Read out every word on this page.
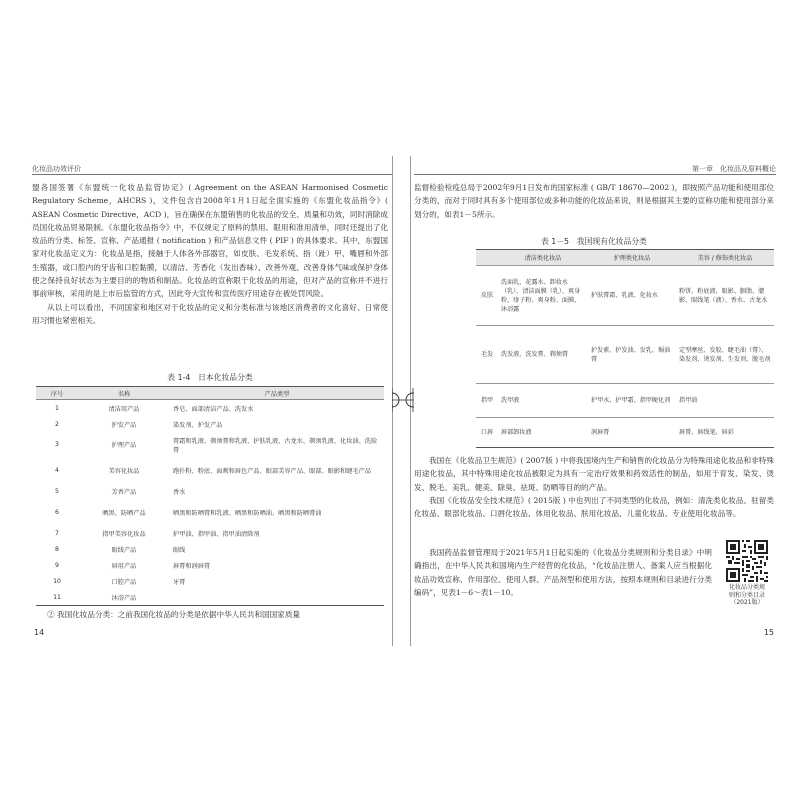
化妆品功效评价

盟各国签署《东盟统一化妆品监管协定》( Agreement on the ASEAN Harmonised Cosmetic Regulatory Scheme，AHCRS )，文件包含自2008年1月1日起全面实施的《东盟化妆品指令》( ASEAN Cosmetic Directive，ACD )，旨在确保在东盟销售的化妆品的安全、质量和功效，同时消除成员国化妆品贸易限制。《东盟化妆品指令》中，不仅规定了原料的禁用、限用和准用清单，同时还提出了化妆品的分类、标签、宣称、产品通报 ( notification ) 和产品信息文件 ( PIF ) 的具体要求。其中，东盟国家对化妆品定义为：化妆品是指，接触于人体各外部器官，如皮肤、毛发系统、指（趾）甲、嘴唇和外部生殖器，或口腔内的牙齿和口腔黏膜，以清洁、芳香化（发出香味）、改善外观、改善身体气味或保护身体使之保持良好状态为主要目的的物质和制品。化妆品的宣称限于化妆品的用途，但对产品的宣称并不进行事前审核，采用的是上市后监管的方式，因此夸大宣传和宣传医疗用途存在被处罚风险。

从以上可以看出，不同国家和地区对于化妆品的定义和分类标准与该地区消费者的文化喜好、日常使用习惯也紧密相关。

表 1-4　日本化妆品分类
序号	名称	产品类型
1	清洁用产品	香皂、面部清洁产品、洗发水
2	护发产品	染发剂、护发产品
3	护理产品	膏霜和乳液、剃须膏和乳液、护肤乳液、古龙水、剃须乳液、化妆油、洗脸膏
4	美容化妆品	跑扑粉、粉底、面颊和唇色产品、眼部美容产品、眼部、眼影和睫毛产品
5	芳香产品	香水
6	晒黑、防晒产品	晒黑和防晒膏和乳液、晒黑和防晒油、晒黑和防晒膏油
7	指甲美容化妆品	护甲油、指甲油、指甲油清除剂
8	眼线产品	眼线
9	唇用产品	唇膏和润唇膏
10	口腔产品	牙膏
11	沐浴产品	

② 我国化妆品分类：之前我国化妆品的分类是依据中华人民共和国国家质量

14
第一章　化妆品及原料概论

监督检验检疫总局于2002年9月1日发布的国家标准 ( GB/T 18670—2002 )，即按照产品功能和使用部位分类的，而对于同时具有多个使用部位或多种功能的化妆品来说，则是根据其主要的宣称功能和使用部分来划分的，如表1－5所示。

表 1－5　我国现有化妆品分类
	清洁类化妆品	护理类化妆品	美容 / 修饰类化妆品
皮肤	洗面乳、花露水、卸妆水（乳）、清洁面膜（乳）、爽身粉、痱子粉、爽身粉、面膜、沐浴露	护肤膏霜、乳液、化妆水	粉饼、粉底液、眼影、胭脂、腮影、眼线笔（液）、香水、古龙水
毛发	洗发液、洗发膏、剃须膏	护发素、护发油、发乳、焗油膏	定型摩丝、发胶、睫毛油（膏）、染发剂、烫发剂、生发剂、脱毛剂
指甲	洗甲液	护甲水、护甲霜、指甲硬化剂	指甲油
口唇	唇部卸妆液	润唇膏	唇膏、唇线笔、唇彩

我国在《化妆品卫生规范》( 2007版 ) 中将我国境内生产和销售的化妆品分为特殊用途化妆品和非特殊用途化妆品，其中特殊用途化妆品被限定为具有一定治疗效果和药效活性的制品，如用于育发、染发、烫发、脱毛、美乳、健美、除臭、祛斑、防晒等目的的产品。

我国《化妆品安全技术规范》( 2015版 ) 中也列出了不同类型的化妆品，例如：清洗类化妆品、驻留类化妆品、眼部化妆品、口唇化妆品、体用化妆品、肤用化妆品、儿童化妆品、专业使用化妆品等。

我国药品监督管理局于2021年5月1日起实施的《化妆品分类规则和分类目录》中明确指出，在中华人民共和国境内生产经营的化妆品，“化妆品注册人、备案人应当根据化妆品功效宣称、作用部位、使用人群、产品剂型和使用方法，按照本规则和目录进行分类编码”，见表1－6～表1－10。

化妆品分类规
则和分类目录
（2021版）
15
